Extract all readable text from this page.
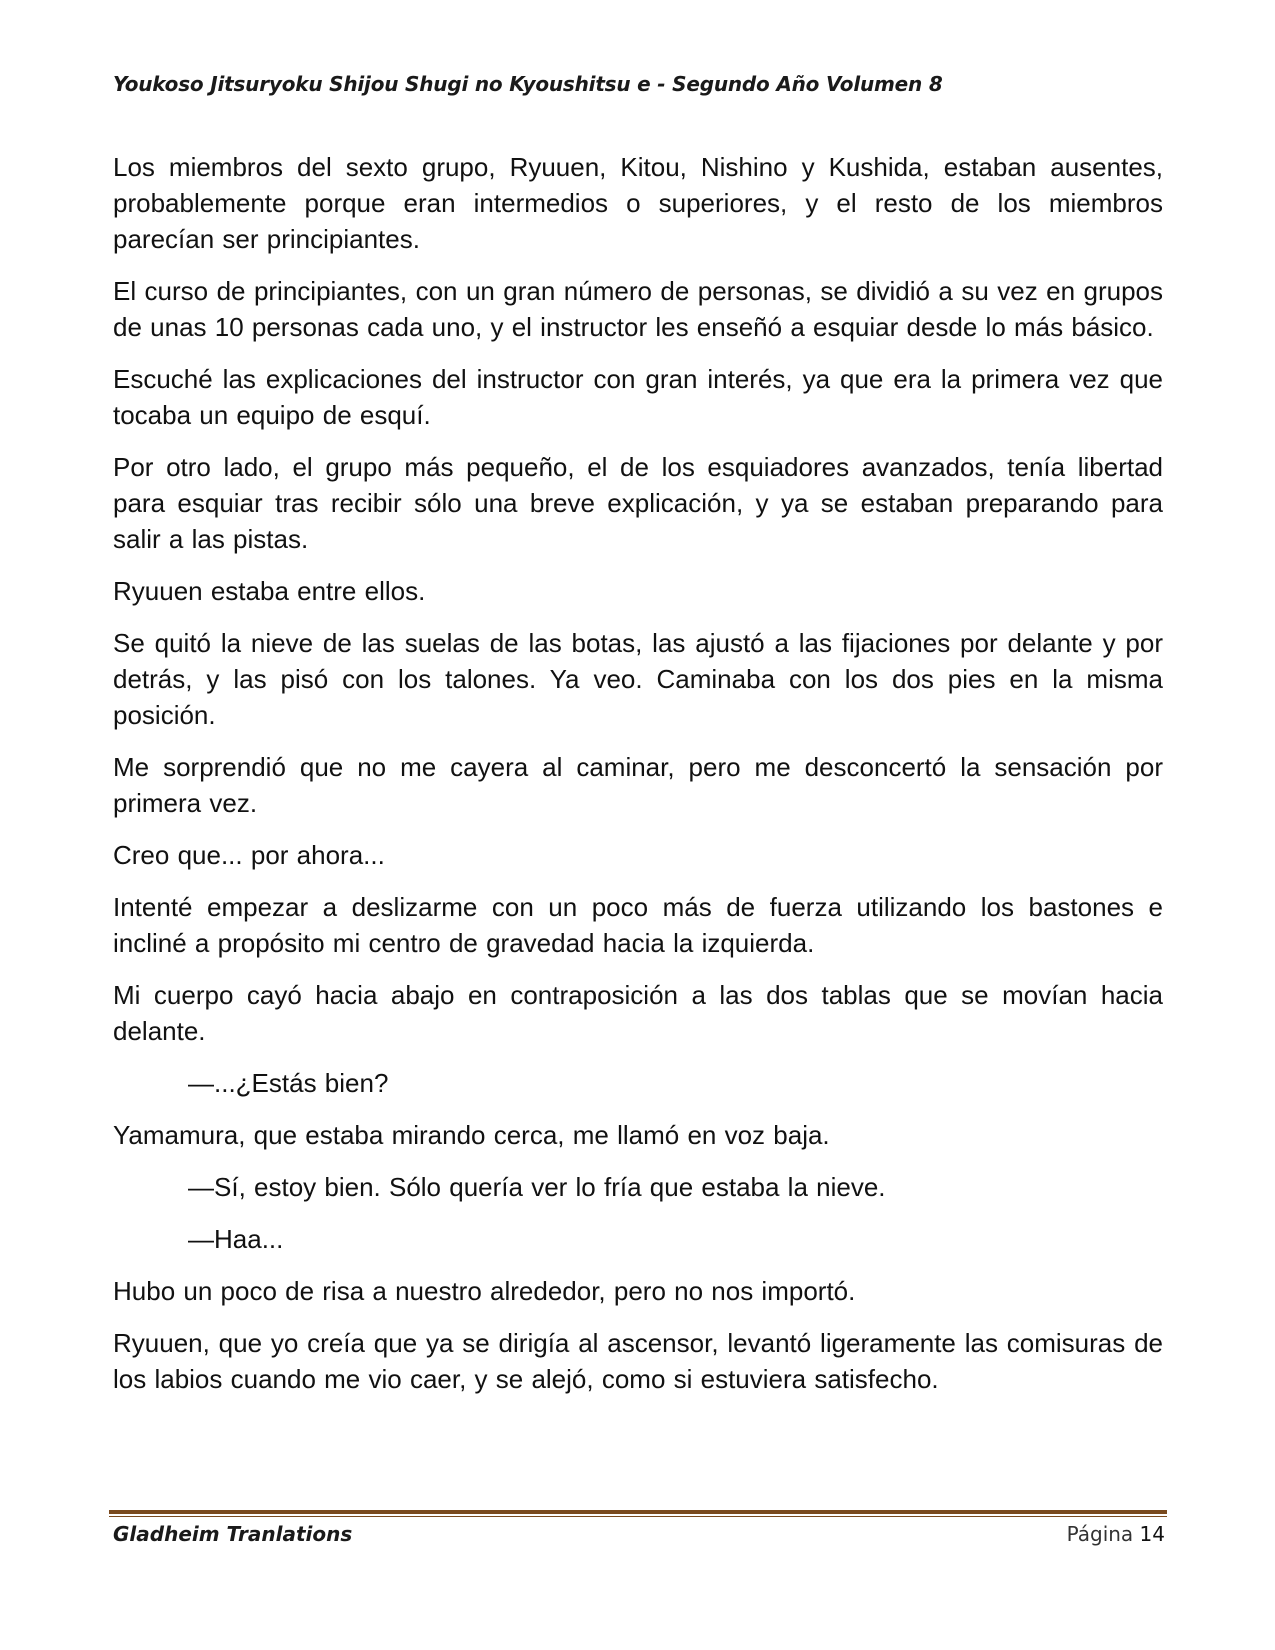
Youkoso Jitsuryoku Shijou Shugi no Kyoushitsu e - Segundo Año Volumen 8

Los miembros del sexto grupo, Ryuuen, Kitou, Nishino y Kushida, estaban ausentes, probablemente porque eran intermedios o superiores, y el resto de los miembros parecían ser principiantes.

El curso de principiantes, con un gran número de personas, se dividió a su vez en grupos de unas 10 personas cada uno, y el instructor les enseñó a esquiar desde lo más básico.

Escuché las explicaciones del instructor con gran interés, ya que era la primera vez que tocaba un equipo de esquí.

Por otro lado, el grupo más pequeño, el de los esquiadores avanzados, tenía libertad para esquiar tras recibir sólo una breve explicación, y ya se estaban preparando para salir a las pistas.

Ryuuen estaba entre ellos.

Se quitó la nieve de las suelas de las botas, las ajustó a las fijaciones por delante y por detrás, y las pisó con los talones. Ya veo. Caminaba con los dos pies en la misma posición.

Me sorprendió que no me cayera al caminar, pero me desconcertó la sensación por primera vez.

Creo que... por ahora...

Intenté empezar a deslizarme con un poco más de fuerza utilizando los bastones e incliné a propósito mi centro de gravedad hacia la izquierda.

Mi cuerpo cayó hacia abajo en contraposición a las dos tablas que se movían hacia delante.

—...¿Estás bien?

Yamamura, que estaba mirando cerca, me llamó en voz baja.

—Sí, estoy bien. Sólo quería ver lo fría que estaba la nieve.

—Haa...

Hubo un poco de risa a nuestro alrededor, pero no nos importó.

Ryuuen, que yo creía que ya se dirigía al ascensor, levantó ligeramente las comisuras de los labios cuando me vio caer, y se alejó, como si estuviera satisfecho.

Gladheim Tranlations	Página 14
